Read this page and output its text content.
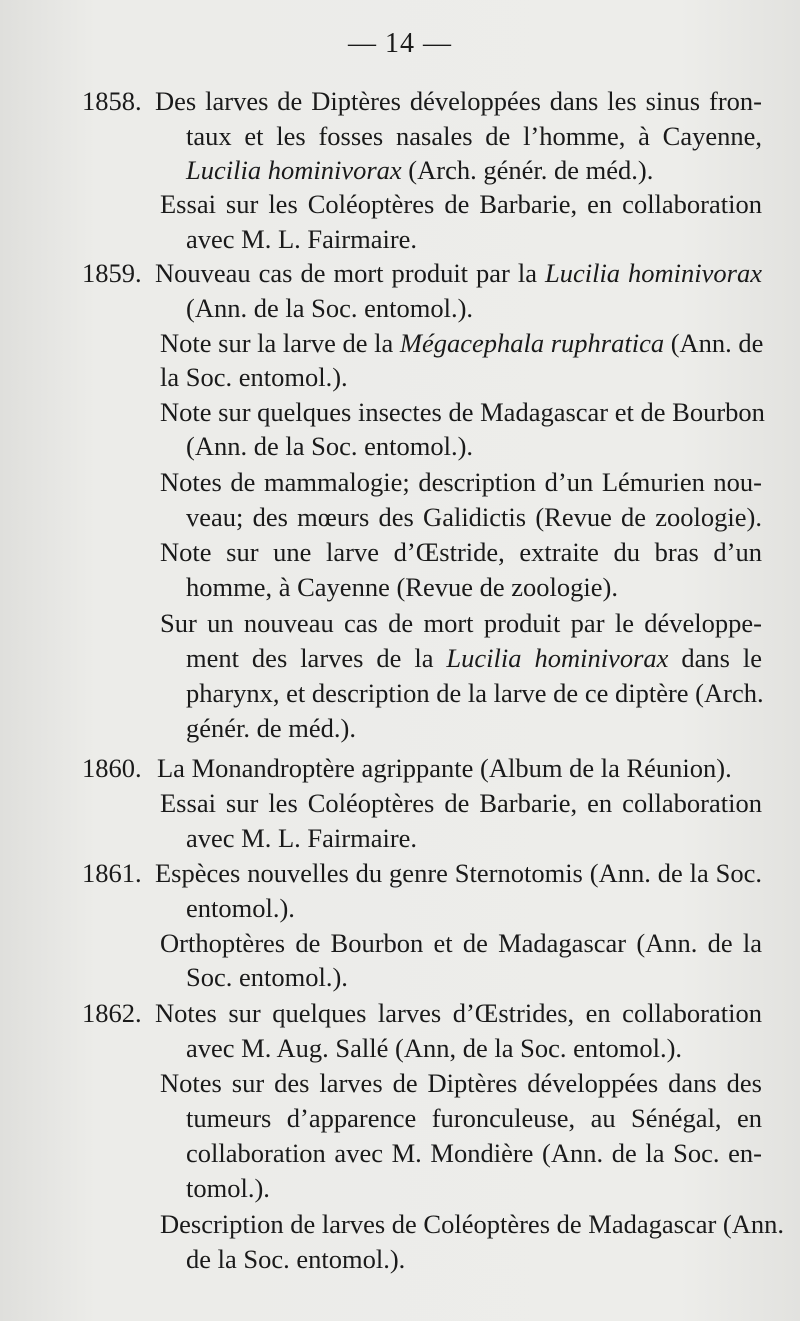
— 14 —
1858. Des larves de Diptères développées dans les sinus fron-
taux et les fosses nasales de l’homme, à Cayenne,
Lucilia hominivorax (Arch. génér. de méd.).
Essai sur les Coléoptères de Barbarie, en collaboration
avec M. L. Fairmaire.
1859. Nouveau cas de mort produit par la Lucilia hominivorax
(Ann. de la Soc. entomol.).
Note sur la larve de la Mégacephala ruphratica (Ann. de
la Soc. entomol.).
Note sur quelques insectes de Madagascar et de Bourbon
(Ann. de la Soc. entomol.).
Notes de mammalogie; description d’un Lémurien nou-
veau; des mœurs des Galidictis (Revue de zoologie).
Note sur une larve d’Œstride, extraite du bras d’un
homme, à Cayenne (Revue de zoologie).
Sur un nouveau cas de mort produit par le développe-
ment des larves de la Lucilia hominivorax dans le
pharynx, et description de la larve de ce diptère (Arch.
génér. de méd.).
1860. La Monandroptère agrippante (Album de la Réunion).
Essai sur les Coléoptères de Barbarie, en collaboration
avec M. L. Fairmaire.
1861. Espèces nouvelles du genre Sternotomis (Ann. de la Soc.
entomol.).
Orthoptères de Bourbon et de Madagascar (Ann. de la
Soc. entomol.).
1862. Notes sur quelques larves d’Œstrides, en collaboration
avec M. Aug. Sallé (Ann, de la Soc. entomol.).
Notes sur des larves de Diptères développées dans des
tumeurs d’apparence furonculeuse, au Sénégal, en
collaboration avec M. Mondière (Ann. de la Soc. en-
tomol.).
Description de larves de Coléoptères de Madagascar (Ann.
de la Soc. entomol.).
